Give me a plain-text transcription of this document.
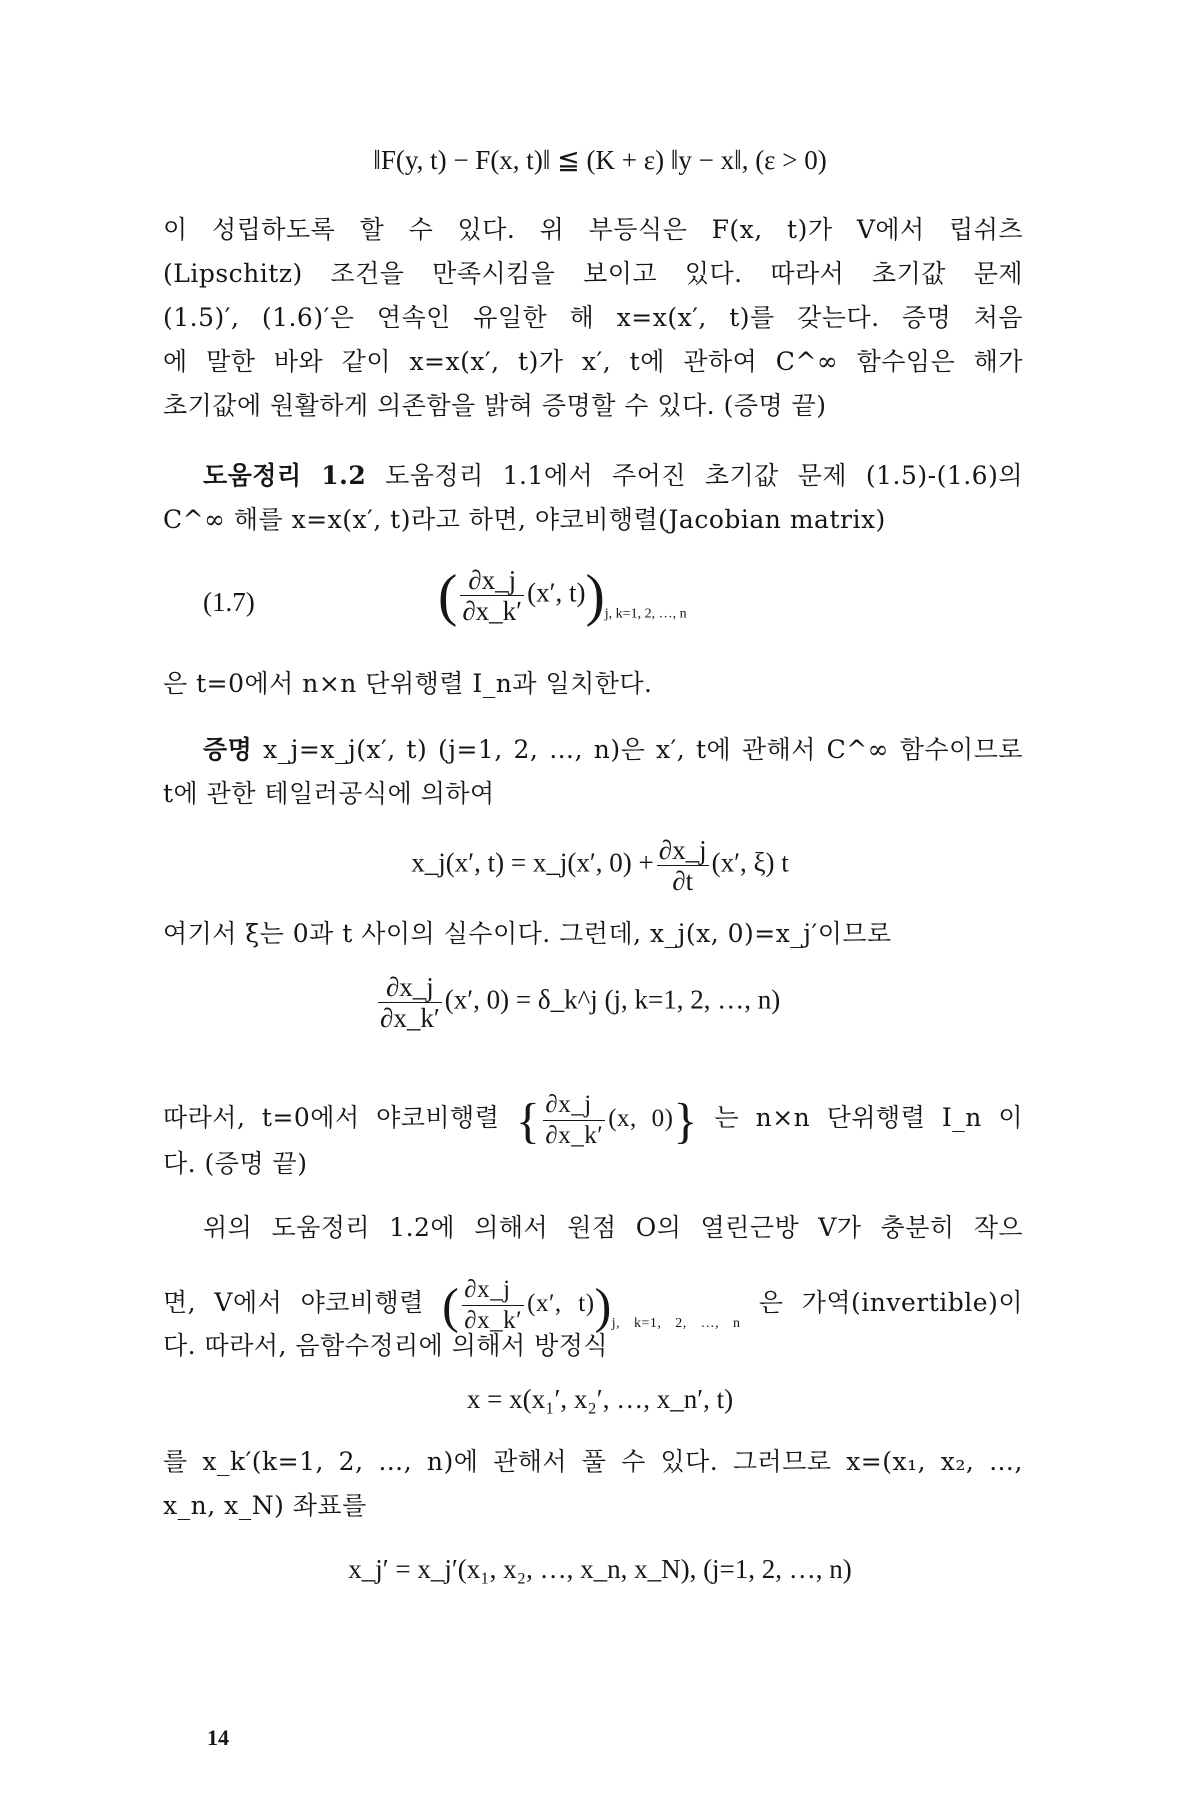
‖F(y, t) − F(x, t)‖ ≦ (K + ε) ‖y − x‖, (ε > 0)
이 성립하도록 할 수 있다. 위 부등식은 F(x, t)가 V에서 립쉬츠
(Lipschitz) 조건을 만족시킴을 보이고 있다. 따라서 초기값 문제
(1.5)′, (1.6)′은 연속인 유일한 해 x=x(x′, t)를 갖는다. 증명 처음
에 말한 바와 같이 x=x(x′, t)가 x′, t에 관하여 C^∞ 함수임은 해가
초기값에 원활하게 의존함을 밝혀 증명할 수 있다. (증명 끝)
도움정리 1.2 도움정리 1.1에서 주어진 초기값 문제 (1.5)-(1.6)의
C^∞ 해를 x=x(x′, t)라고 하면, 야코비행렬(Jacobian matrix)
(1.7)	( $\frac{\partial x\_j}{\partial x\_k'} (x'$, $t))_{j, k=1, 2, \dots, n}$
은 t=0에서 n×n 단위행렬 I_n과 일치한다.
증명 x_j=x_j(x′, t) (j=1, 2, …, n)은 x′, t에 관해서 C^∞ 함수이므로
t에 관한 테일러공식에 의하여
x_j(x′, t) = x_j(x′, $0) + \frac{\partial x\_j}{\partial t} (x'$, ξ) t
여기서 ξ는 0과 t 사이의 실수이다. 그런데, x_j(x, 0)=x_j′이므로
$\frac{\partial x\_j}{\partial x\_k'} (x'$, 0) = δ_k^j (j, k=1, 2, …, n)
따라서, t=0에서 야코비행렬 { $\frac{\partial x\_j}{\partial x\_k'} (x$, 0)} 는 n×n 단위행렬 I_n 이
다. (증명 끝)
위의 도움정리 1.2에 의해서 원점 O의 열린근방 V가 충분히 작으
면, V에서 야코비행렬 ( $\frac{\partial x\_j}{\partial x\_k'} (x'$, $t))_{j, k=1, 2, \dots, n}$ 은 가역(invertible)이
다. 따라서, 음함수정리에 의해서 방정식
x = x(x₁′, x₂′, …, x_n′, t)
를 x_k′(k=1, 2, …, n)에 관해서 풀 수 있다. 그러므로 x=(x₁, x₂, …,
x_n, x_N) 좌표를
x_j′ = x_j′(x₁, x₂, …, x_n, x_N), (j=1, 2, …, n)
14
